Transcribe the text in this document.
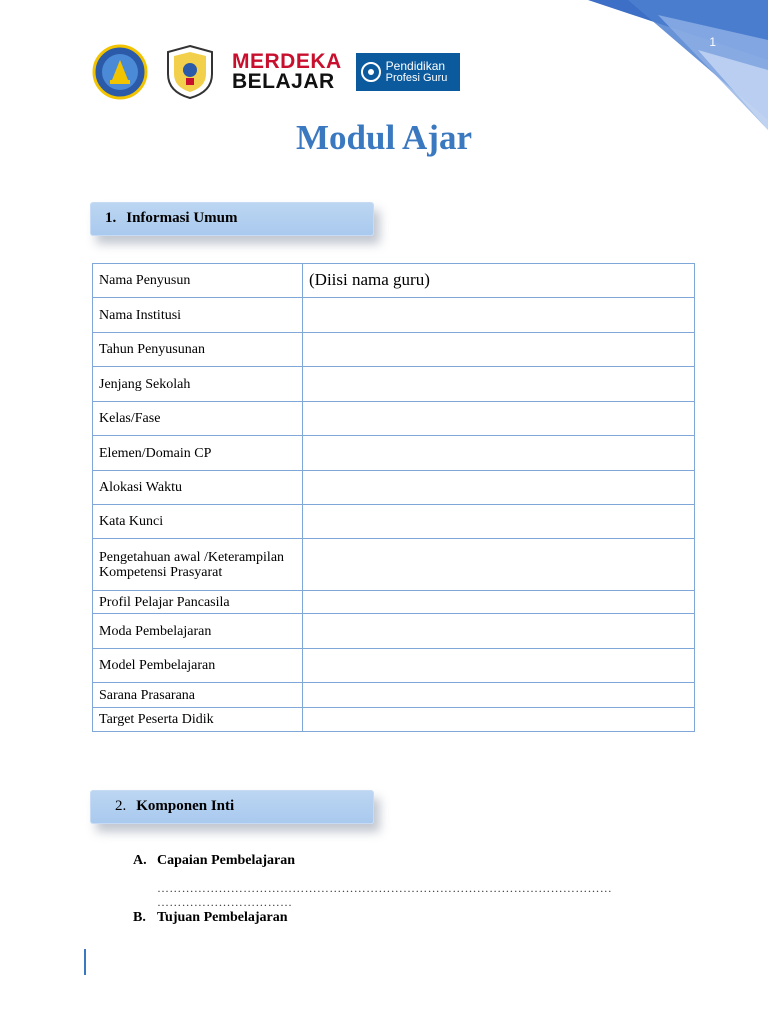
1
MERDEKA
BELAJAR
Pendidikan
Profesi Guru
Modul Ajar
1. Informasi Umum
Nama Penyusun	(Diisi nama guru)
Nama Institusi	
Tahun Penyusunan	
Jenjang Sekolah	
Kelas/Fase	
Elemen/Domain CP	
Alokasi Waktu	
Kata Kunci	
Pengetahuan awal /Keterampilan Kompetensi Prasyarat	
Profil Pelajar Pancasila	
Moda Pembelajaran	
Model Pembelajaran	
Sarana Prasarana	
Target Peserta Didik	
2. Komponen Inti
A. Capaian Pembelajaran
…………………………………………………………………………………………………
……………………………
B. Tujuan Pembelajaran
